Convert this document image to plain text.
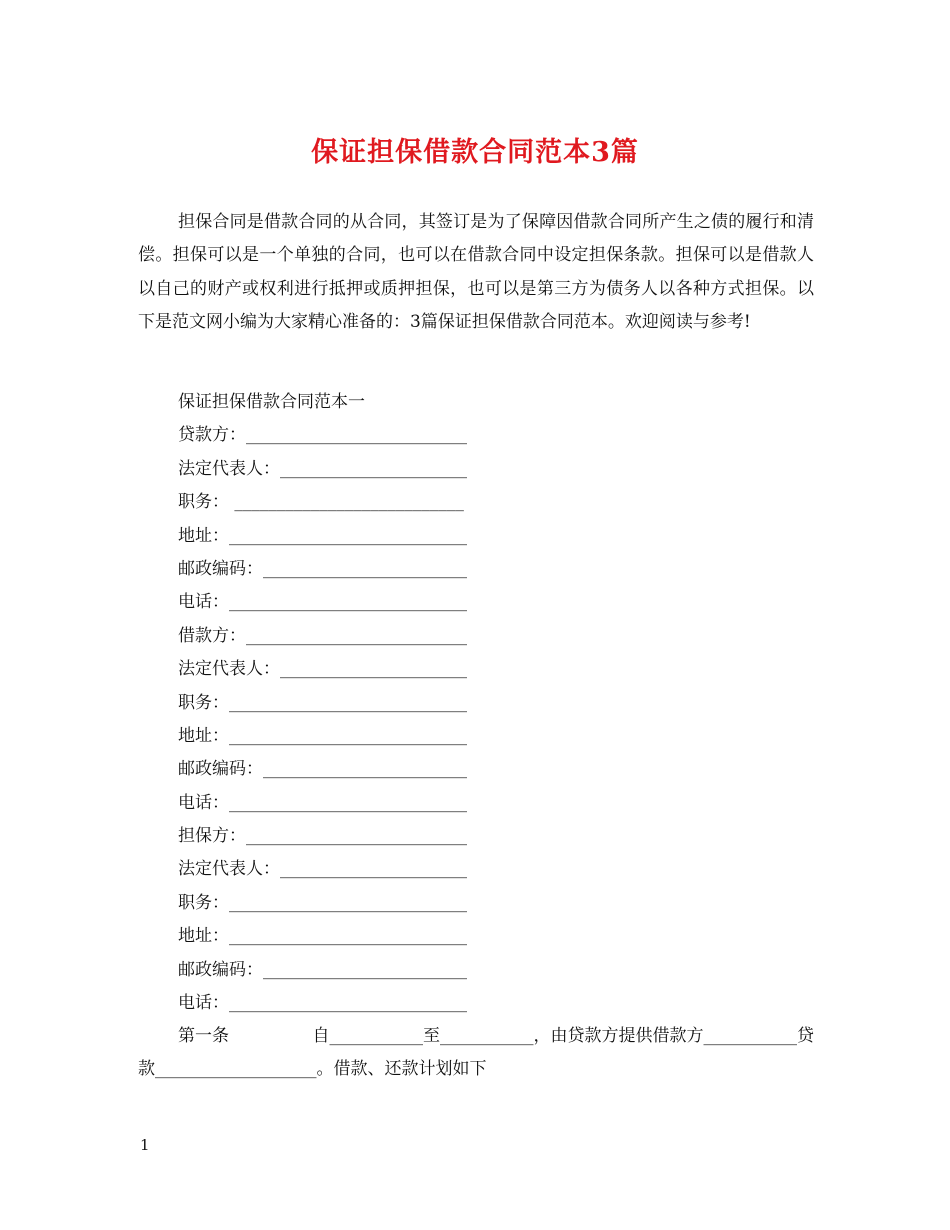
保证担保借款合同范本3篇

担保合同是借款合同的从合同，其签订是为了保障因借款合同所产生之债的履行和清偿。担保可以是一个单独的合同，也可以在借款合同中设定担保条款。担保可以是借款人以自己的财产或权利进行抵押或质押担保，也可以是第三方为债务人以各种方式担保。以下是范文网小编为大家精心准备的：3篇保证担保借款合同范本。欢迎阅读与参考!

保证担保借款合同范本一
贷款方：__________________________
法定代表人：______________________
职务： ___________________________
地址：____________________________
邮政编码：________________________
电话：____________________________
借款方：__________________________
法定代表人：______________________
职务：____________________________
地址：____________________________
邮政编码：________________________
电话：____________________________
担保方：__________________________
法定代表人：______________________
职务：____________________________
地址：____________________________
邮政编码：________________________
电话：____________________________
第一条	自___________至___________，由贷款方提供借款方___________贷
款___________________。借款、还款计划如下
1
